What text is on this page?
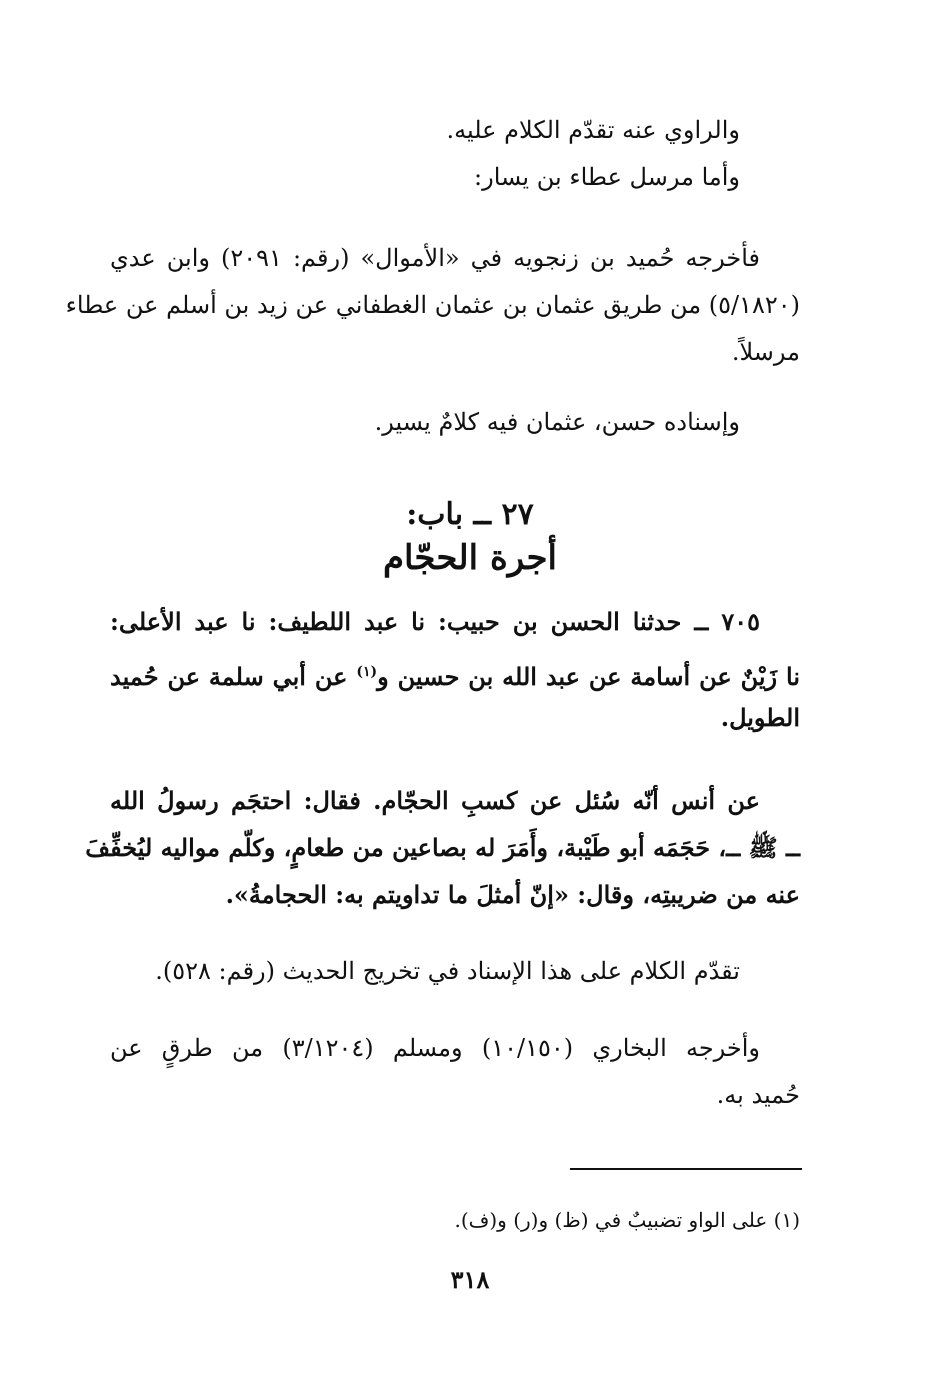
والراوي عنه تقدّم الكلام عليه.
وأما مرسل عطاء بن يسار:
فأخرجه حُميد بن زنجويه في «الأموال» (رقم: ٢٠٩١) وابن عدي
(٥/١٨٢٠) من طريق عثمان بن عثمان الغطفاني عن زيد بن أسلم عن عطاء
مرسلاً.
وإسناده حسن، عثمان فيه كلامٌ يسير.
٢٧ ــ باب:
أجرة الحجّام
٧٠٥ ــ حدثنا الحسن بن حبيب: نا عبد اللطيف: نا عبد الأعلى:
نا زَيْنٌ عن أسامة عن عبد الله بن حسين و$^{(١)}$ عن أبي سلمة عن حُميد
الطويل.
عن أنس أنّه سُئل عن كسبِ الحجّام. فقال: احتجَم رسولُ الله
ــ ﷺ ــ، حَجَمَه أبو طَيْبة، وأَمَرَ له بصاعين من طعامٍ، وكلّم مواليه ليُخفِّفَ
عنه من ضريبتِه، وقال: «إنّ أمثلَ ما تداويتم به: الحجامةُ».
تقدّم الكلام على هذا الإسناد في تخريج الحديث (رقم: ٥٢٨).
وأخرجه البخاري (١٠/١٥٠) ومسلم (٣/١٢٠٤) من طرقٍ عن
حُميد به.
(١) على الواو تضبيبٌ في (ظ) و(ر) و(ف).
٣١٨
